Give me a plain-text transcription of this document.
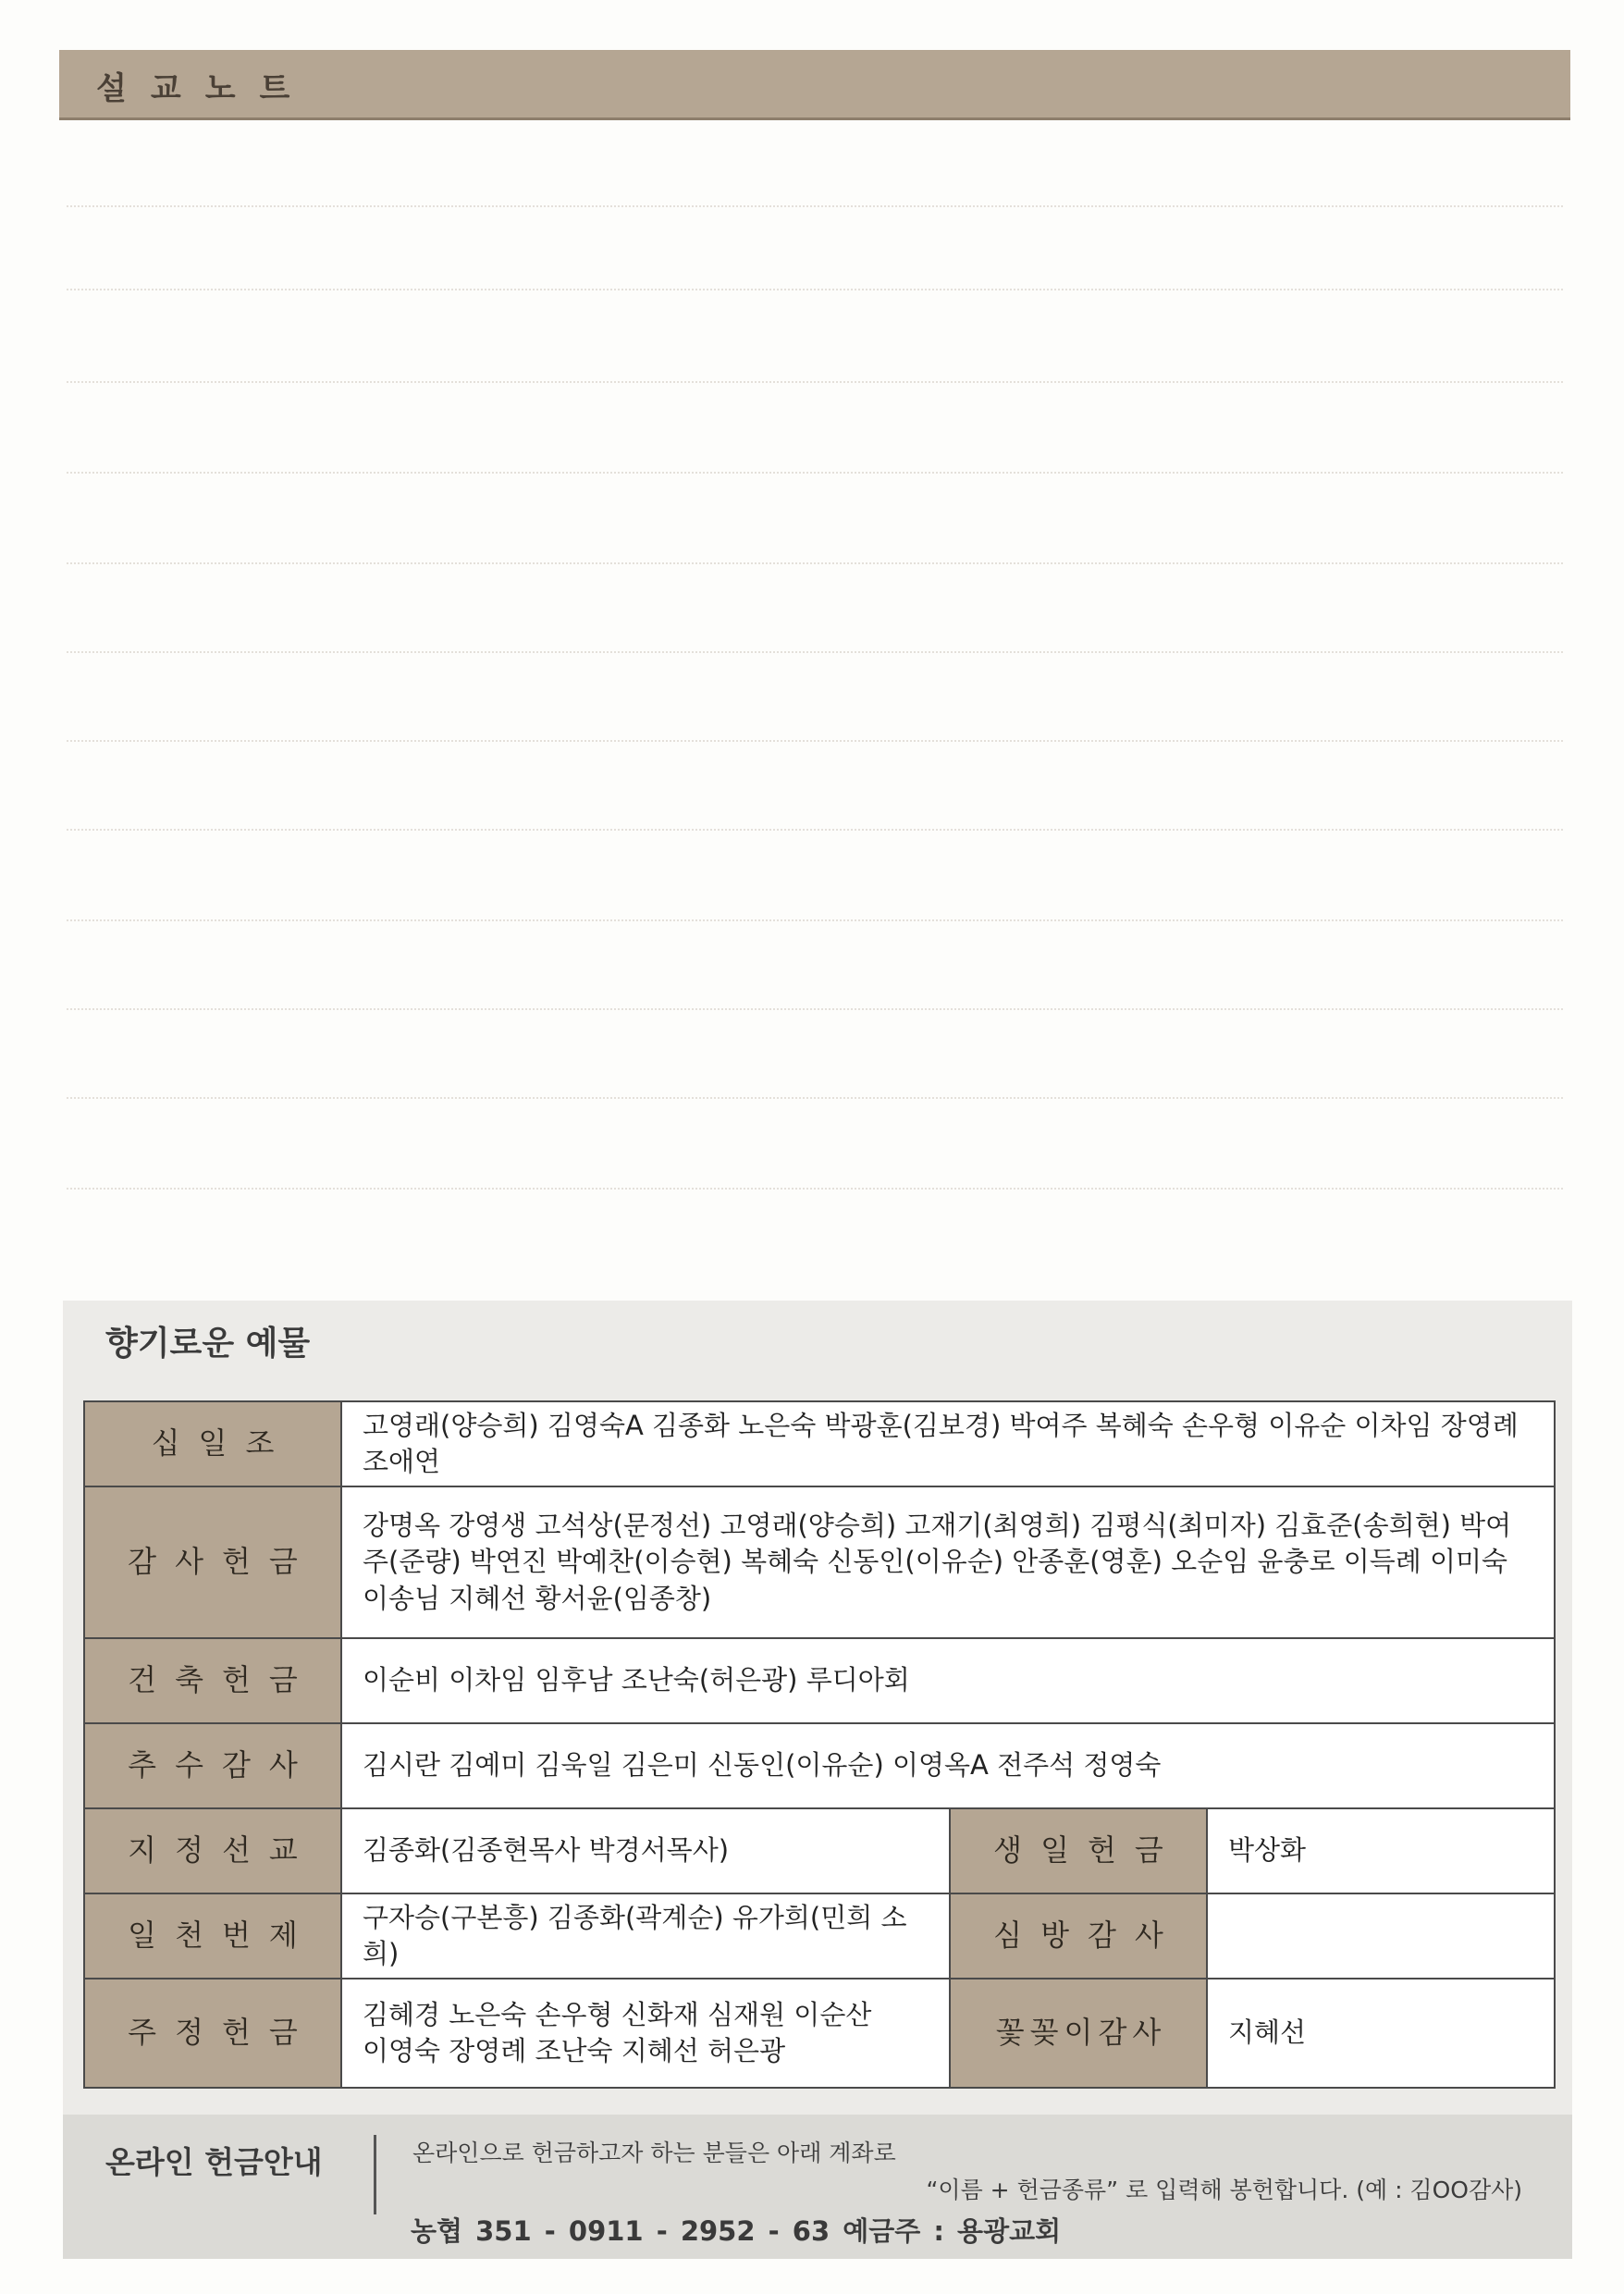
설교노트
향기로운 예물
십일조	고영래(양승희) 김영숙A 김종화 노은숙 박광훈(김보경) 박여주 복혜숙 손우형 이유순 이차임 장영례 조애연		
감사헌금	강명옥 강영생 고석상(문정선) 고영래(양승희) 고재기(최영희) 김평식(최미자) 김효준(송희현) 박여주(준량) 박연진 박예찬(이승현) 복혜숙 신동인(이유순) 안종훈(영훈) 오순임 윤충로 이득례 이미숙 이송님 지혜선 황서윤(임종창)		
건축헌금	이순비 이차임 임후남 조난숙(허은광) 루디아회		
추수감사	김시란 김예미 김욱일 김은미 신동인(이유순) 이영옥A 전주석 정영숙		
지정선교	김종화(김종현목사 박경서목사)	생일헌금	박상화
일천번제	구자승(구본흥) 김종화(곽계순) 유가희(민희 소희)	심방감사	
주정헌금	김혜경 노은숙 손우형 신화재 심재원 이순산
이영숙 장영례 조난숙 지혜선 허은광	꽃꽂이감사	지혜선
온라인 헌금안내	온라인으로 헌금하고자 하는 분들은 아래 계좌로
“이름 + 헌금종류” 로 입력해 봉헌합니다. (예 : 김OO감사)
농협 351 - 0911 - 2952 - 63 예금주 : 용광교회
